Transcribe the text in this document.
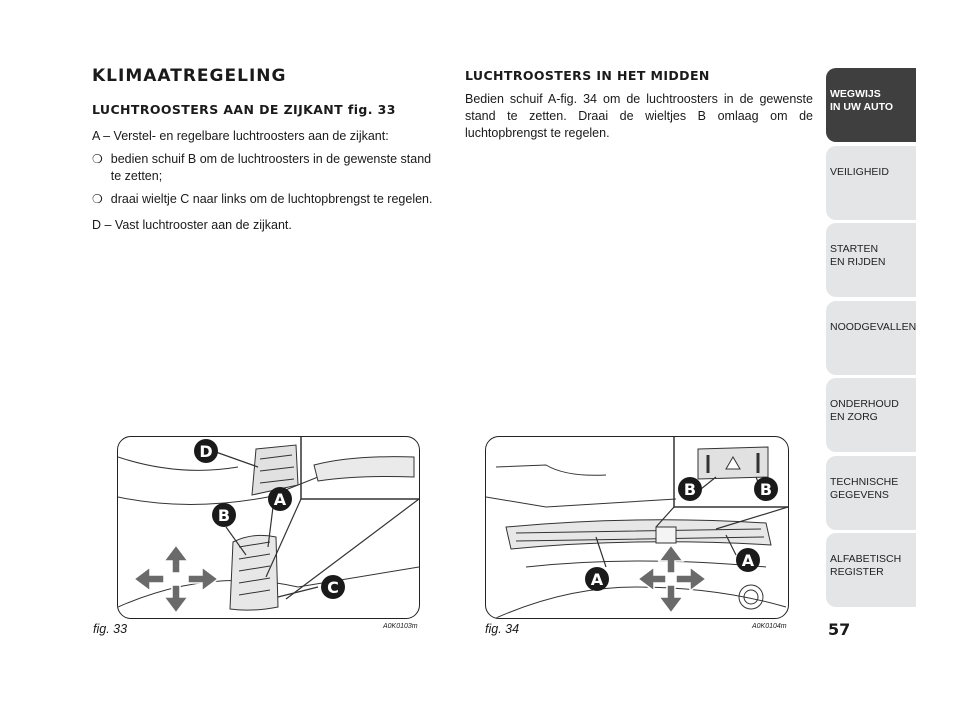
KLIMAATREGELING
LUCHTROOSTERS AAN DE ZIJKANT fig. 33

A – Verstel- en regelbare luchtroosters aan de zijkant:

❍ bedien schuif B om de luchtroosters in de gewenste stand te zetten;
❍ draai wieltje C naar links om de luchtopbrengst te regelen.

D – Vast luchtrooster aan de zijkant.

LUCHTROOSTERS IN HET MIDDEN

Bedien schuif A-fig. 34 om de luchtroosters in de gewenste stand te zetten. Draai de wieltjes B omlaag om de luchtopbrengst te regelen.

D
A
B
C
fig. 33	A0K0103m
B	B
A
A
fig. 34	A0K0104m	57
WEGWIJS
IN UW AUTO
VEILIGHEID
STARTEN
EN RIJDEN
NOODGEVALLEN
ONDERHOUD
EN ZORG
TECHNISCHE
GEGEVENS
ALFABETISCH
REGISTER
